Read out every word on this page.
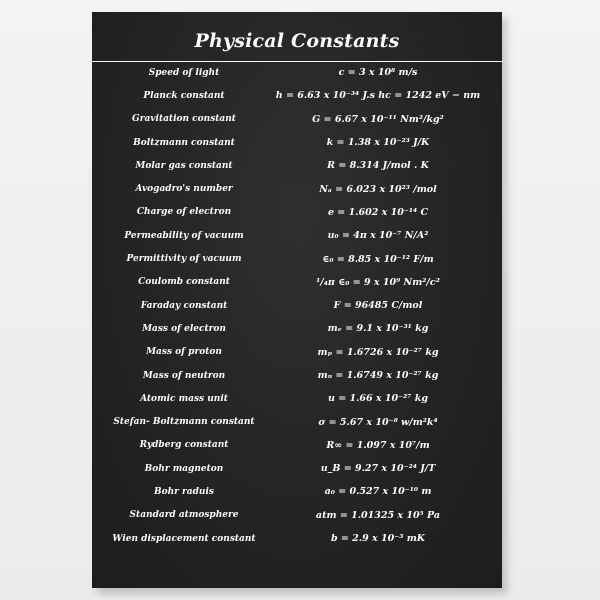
Physical Constants
Speed of light	c = 3 x 10⁸ m/s
Planck constant	h = 6.63 x 10⁻³⁴ J.s hc = 1242 eV − nm
Gravitation constant	G = 6.67 x 10⁻¹¹ Nm²/kg²
Boltzmann constant	k = 1.38 x 10⁻²³ J/K
Molar gas constant	R = 8.314 J/mol . K
Avogadro's number	Nₐ = 6.023 x 10²³ /mol
Charge of electron	e = 1.602 x 10⁻¹⁴ C
Permeability of vacuum	u₀ = 4π x 10⁻⁷ N/A²
Permittivity of vacuum	∈₀ = 8.85 x 10⁻¹² F/m
Coulomb constant	¹/₄π ∈₀ = 9 x 10⁹ Nm²/c²
Faraday constant	F = 96485 C/mol
Mass of electron	mₑ = 9.1 x 10⁻³¹ kg
Mass of proton	mₚ = 1.6726 x 10⁻²⁷ kg
Mass of neutron	mₙ = 1.6749 x 10⁻²⁷ kg
Atomic mass unit	u = 1.66 x 10⁻²⁷ kg
Stefan- Boltzmann constant	σ = 5.67 x 10⁻⁸ w/m²k⁴
Rydberg constant	R∞ = 1.097 x 10⁷/m
Bohr magneton	u_B = 9.27 x 10⁻²⁴ J/T
Bohr raduis	a₀ = 0.527 x 10⁻¹⁰ m
Standard atmosphere	atm = 1.01325 x 10⁵ Pa
Wien displacement constant	b = 2.9 x 10⁻³ mK
